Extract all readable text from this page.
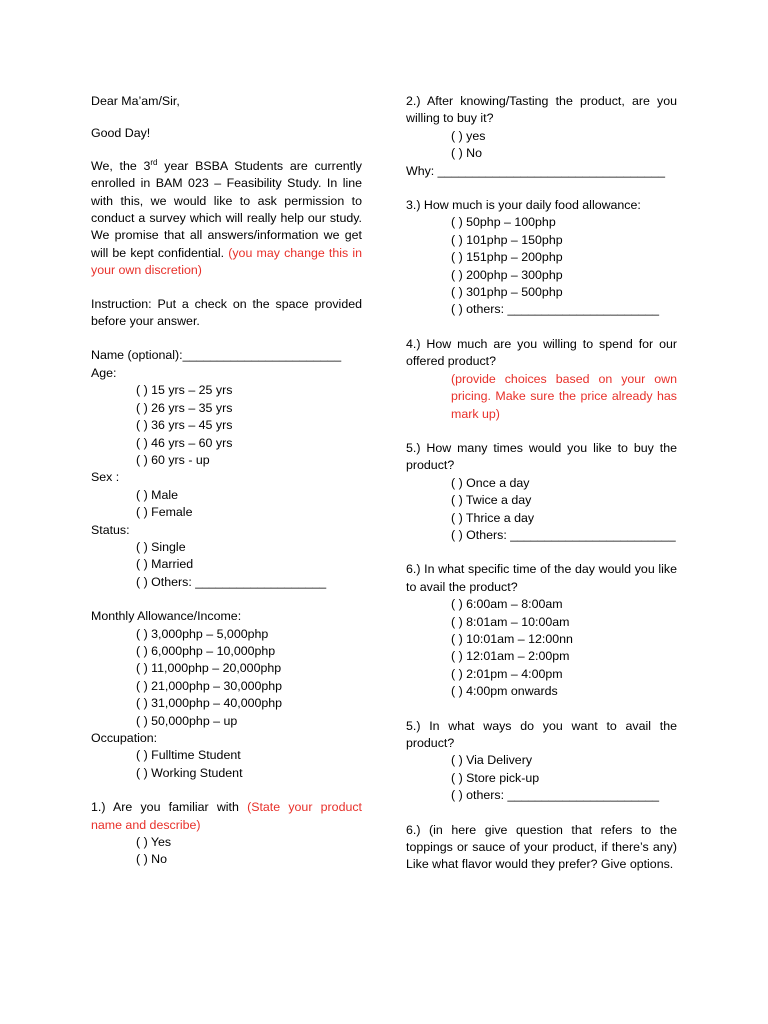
Dear Ma’am/Sir,

Good Day!

We, the 3rd year BSBA Students are currently enrolled in BAM 023 – Feasibility Study. In line with this, we would like to ask permission to conduct a survey which will really help our study. We promise that all answers/information we get will be kept confidential. (you may change this in your own discretion)

Instruction: Put a check on the space provided before your answer.

Name (optional):_______________________

Age:

( ) 15 yrs – 25 yrs

( ) 26 yrs – 35 yrs

( ) 36 yrs – 45 yrs

( ) 46 yrs – 60 yrs

( ) 60 yrs - up

Sex :

( ) Male

( ) Female

Status:

( ) Single

( ) Married

( ) Others: ___________________

Monthly Allowance/Income:

( ) 3,000php – 5,000php

( ) 6,000php – 10,000php

( ) 11,000php – 20,000php

( ) 21,000php – 30,000php

( ) 31,000php – 40,000php

( ) 50,000php – up

Occupation:

( ) Fulltime Student

( ) Working Student

1.) Are you familiar with (State your product name and describe)

( ) Yes

( ) No

2.) After knowing/Tasting the product, are you willing to buy it?

( ) yes

( ) No

Why: _________________________________

3.) How much is your daily food allowance:

( ) 50php – 100php

( ) 101php – 150php

( ) 151php – 200php

( ) 200php – 300php

( ) 301php – 500php

( ) others: ______________________

4.) How much are you willing to spend for our offered product?

(provide choices based on your own pricing. Make sure the price already has mark up)

5.) How many times would you like to buy the product?

( ) Once a day

( ) Twice a day

( ) Thrice a day

( ) Others: ________________________

6.) In what specific time of the day would you like to avail the product?

( ) 6:00am – 8:00am

( ) 8:01am – 10:00am

( ) 10:01am – 12:00nn

( ) 12:01am – 2:00pm

( ) 2:01pm – 4:00pm

( ) 4:00pm onwards

5.) In what ways do you want to avail the product?

( ) Via Delivery

( ) Store pick-up

( ) others: ______________________

6.) (in here give question that refers to the toppings or sauce of your product, if there’s any) Like what flavor would they prefer? Give options.
